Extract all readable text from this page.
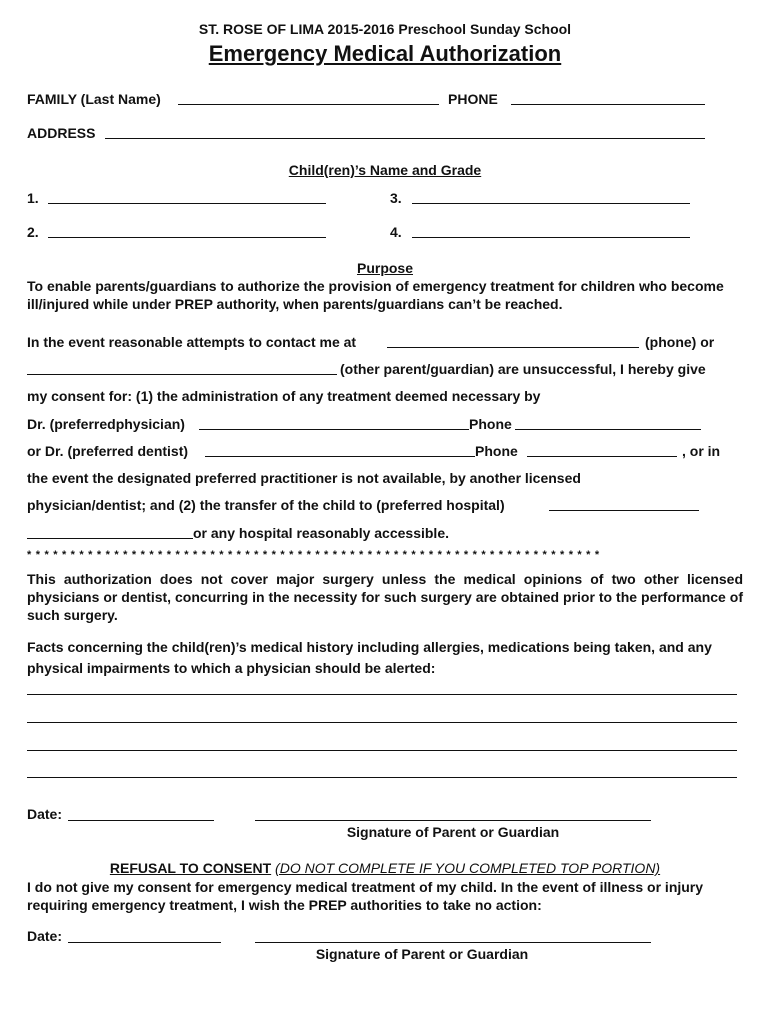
ST. ROSE OF LIMA 2015-2016 Preschool Sunday School
Emergency Medical Authorization
FAMILY (Last Name)	PHONE
ADDRESS
Child(ren)’s Name and Grade
1.	3.
2.	4.
Purpose
To enable parents/guardians to authorize the provision of emergency treatment for children who become ill/injured while under PREP authority, when parents/guardians can’t be reached.
In the event reasonable attempts to contact me at	(phone) or
(other parent/guardian) are unsuccessful, I hereby give
my consent for: (1) the administration of any treatment deemed necessary by
Dr. (preferredphysician)	Phone
or Dr. (preferred dentist)	Phone	, or in
the event the designated preferred practitioner is not available, by another licensed
physician/dentist; and (2) the transfer of the child to (preferred hospital)
or any hospital reasonably accessible.
* * * * * * * * * * * * * * * * * * * * * * * * * * * * * * * * * * * * * * * * * * * * * * * * * * * * * * * * * * * * * * * * * *
This authorization does not cover major surgery unless the medical opinions of two other licensed physicians or dentist, concurring in the necessity for such surgery are obtained prior to the performance of such surgery.
Facts concerning the child(ren)’s medical history including allergies, medications being taken, and any physical impairments to which a physician should be alerted:
Date:
Signature of Parent or Guardian
REFUSAL TO CONSENT (DO NOT COMPLETE IF YOU COMPLETED TOP PORTION)
I do not give my consent for emergency medical treatment of my child. In the event of illness or injury requiring emergency treatment, I wish the PREP authorities to take no action:
Date:
Signature of Parent or Guardian
